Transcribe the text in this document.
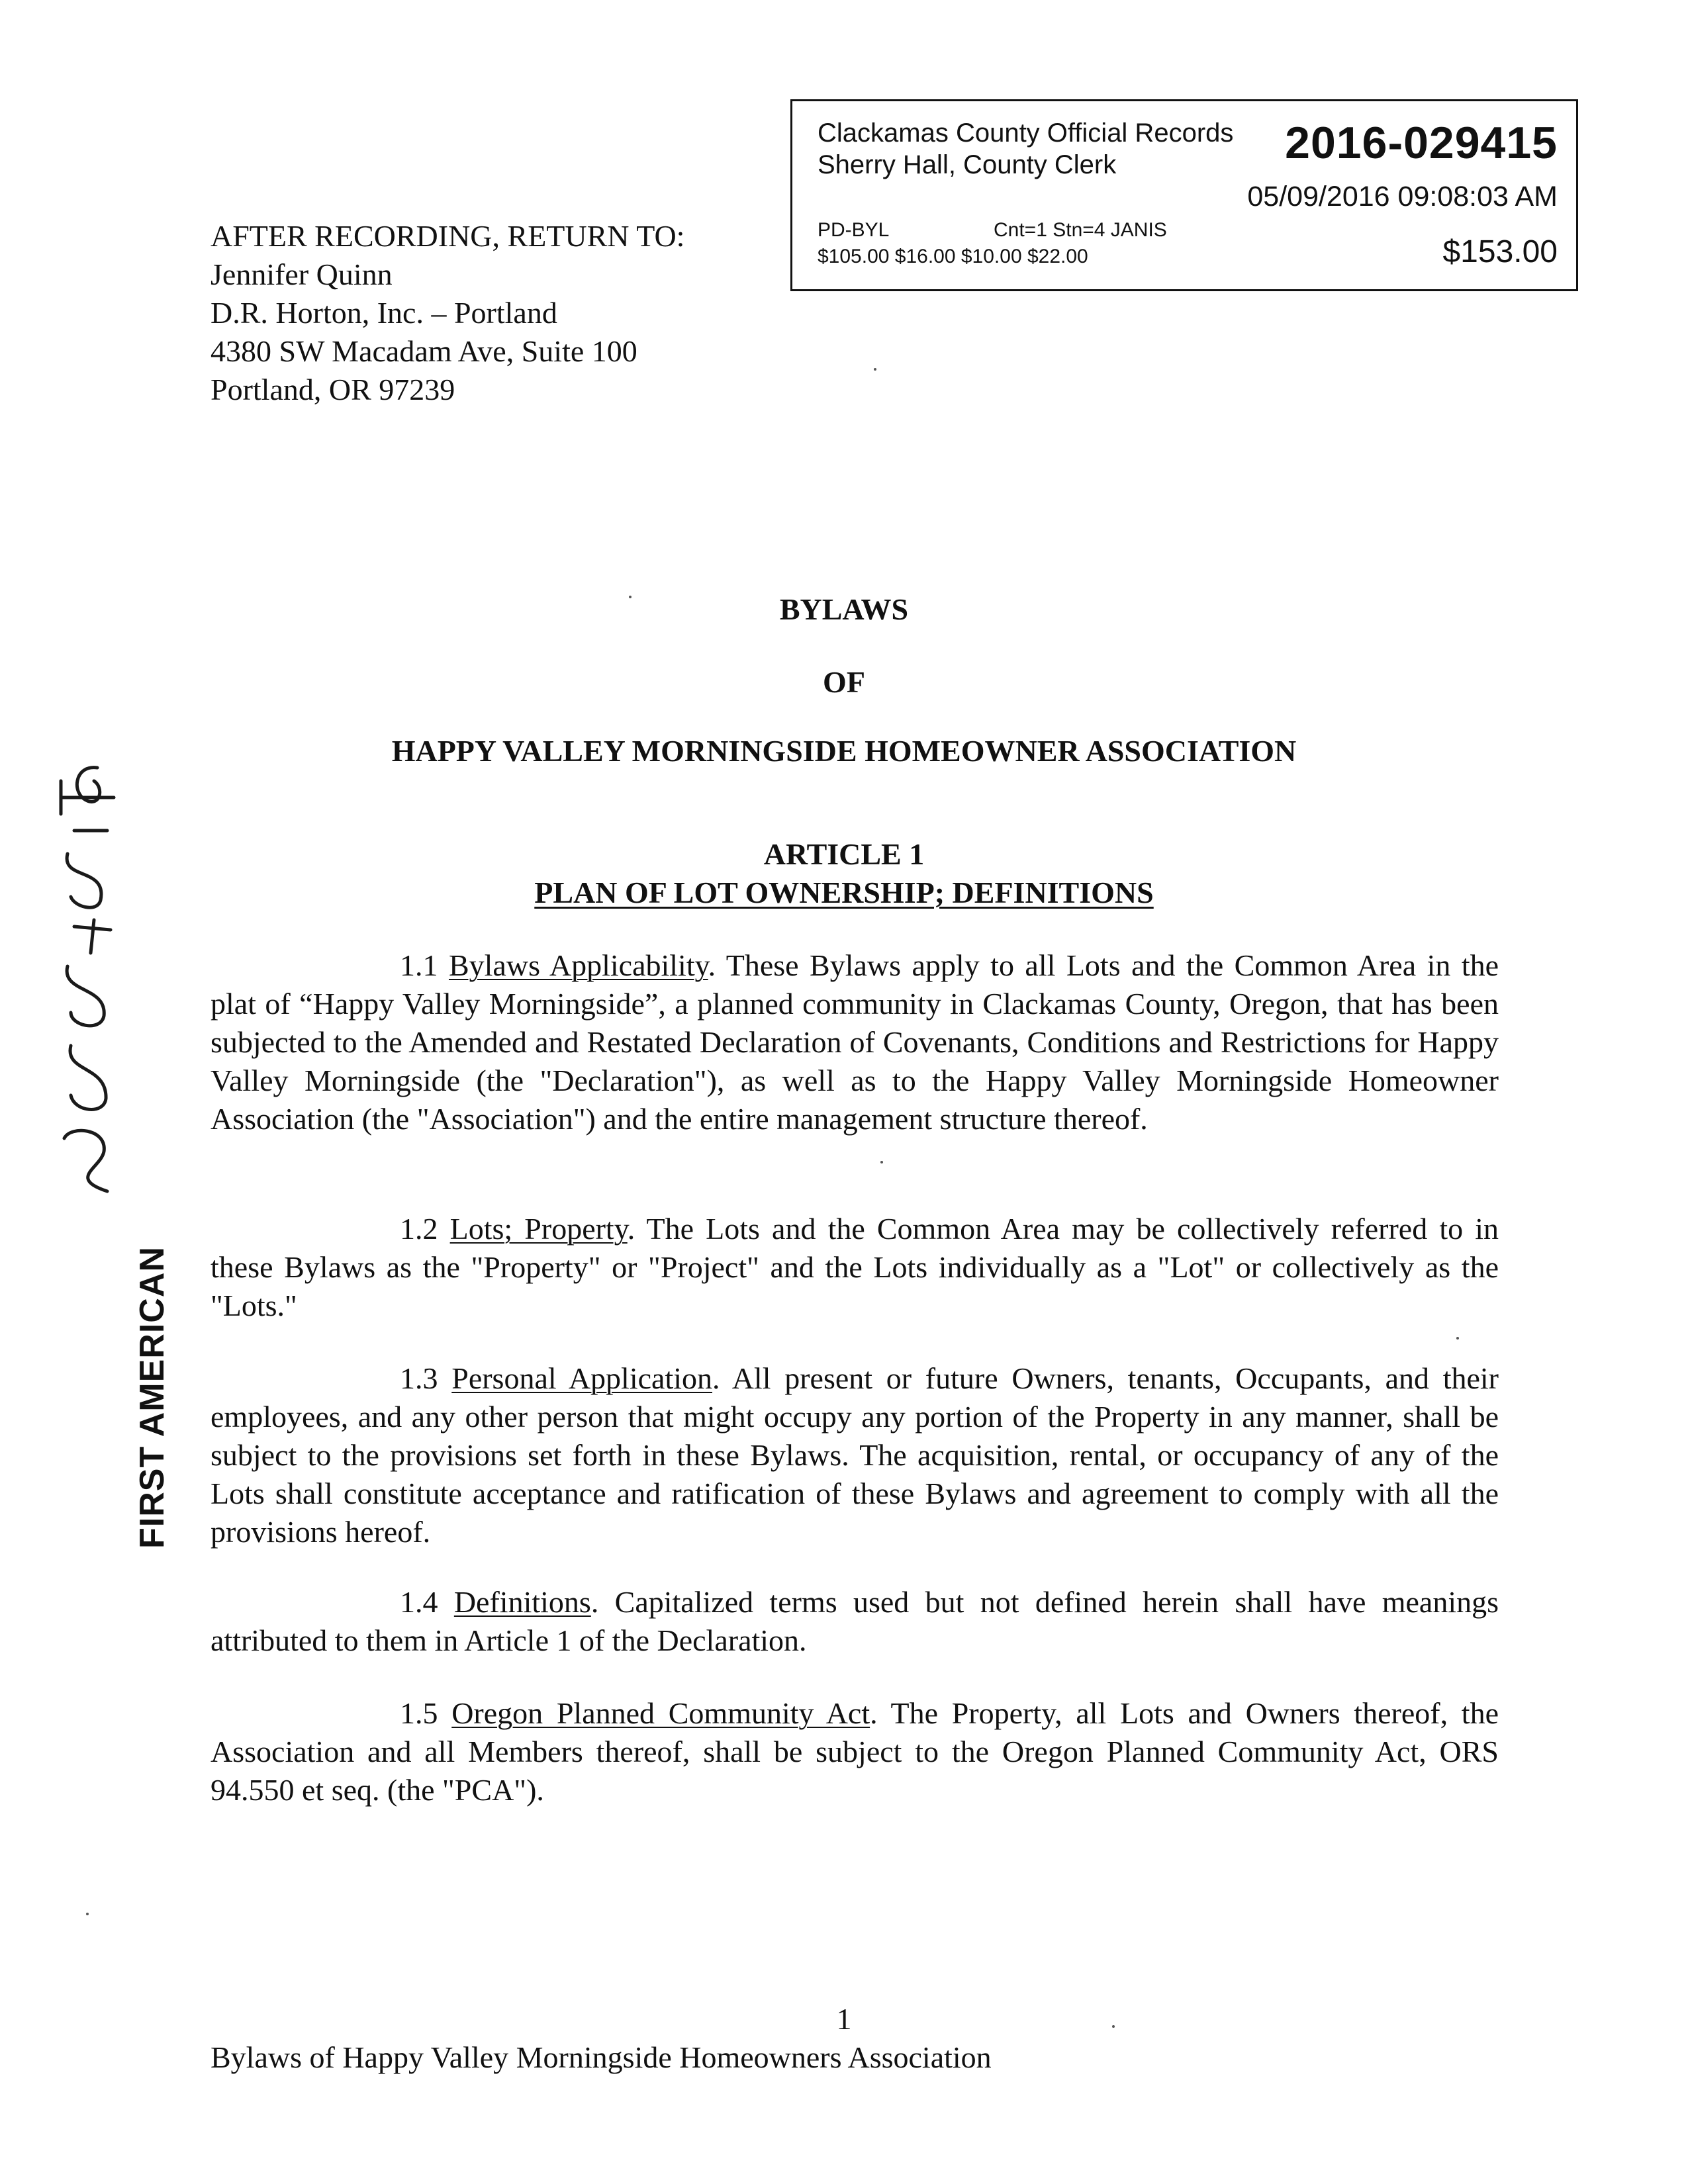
AFTER RECORDING, RETURN TO:
Jennifer Quinn
D.R. Horton, Inc. – Portland
4380 SW Macadam Ave, Suite 100
Portland, OR 97239
Clackamas County Official Records
Sherry Hall, County Clerk	2016-029415
05/09/2016 09:08:03 AM
PD-BYL	Cnt=1 Stn=4 JANIS
$105.00 $16.00 $10.00 $22.00	$153.00
BYLAWS
OF
HAPPY VALLEY MORNINGSIDE HOMEOWNER ASSOCIATION
ARTICLE 1
PLAN OF LOT OWNERSHIP; DEFINITIONS
1.1 Bylaws Applicability. These Bylaws apply to all Lots and the Common Area in the plat of “Happy Valley Morningside”, a planned community in Clackamas County, Oregon, that has been subjected to the Amended and Restated Declaration of Covenants, Conditions and Restrictions for Happy Valley Morningside (the "Declaration"), as well as to the Happy Valley Morningside Homeowner Association (the "Association") and the entire management structure thereof.
1.2 Lots; Property. The Lots and the Common Area may be collectively referred to in these Bylaws as the "Property" or "Project" and the Lots individually as a "Lot" or collectively as the "Lots."
1.3 Personal Application. All present or future Owners, tenants, Occupants, and their employees, and any other person that might occupy any portion of the Property in any manner, shall be subject to the provisions set forth in these Bylaws. The acquisition, rental, or occupancy of any of the Lots shall constitute acceptance and ratification of these Bylaws and agreement to comply with all the provisions hereof.
1.4 Definitions. Capitalized terms used but not defined herein shall have meanings attributed to them in Article 1 of the Declaration.
1.5 Oregon Planned Community Act. The Property, all Lots and Owners thereof, the Association and all Members thereof, shall be subject to the Oregon Planned Community Act, ORS 94.550 et seq. (the "PCA").
FIRST AMERICAN
1
Bylaws of Happy Valley Morningside Homeowners Association
